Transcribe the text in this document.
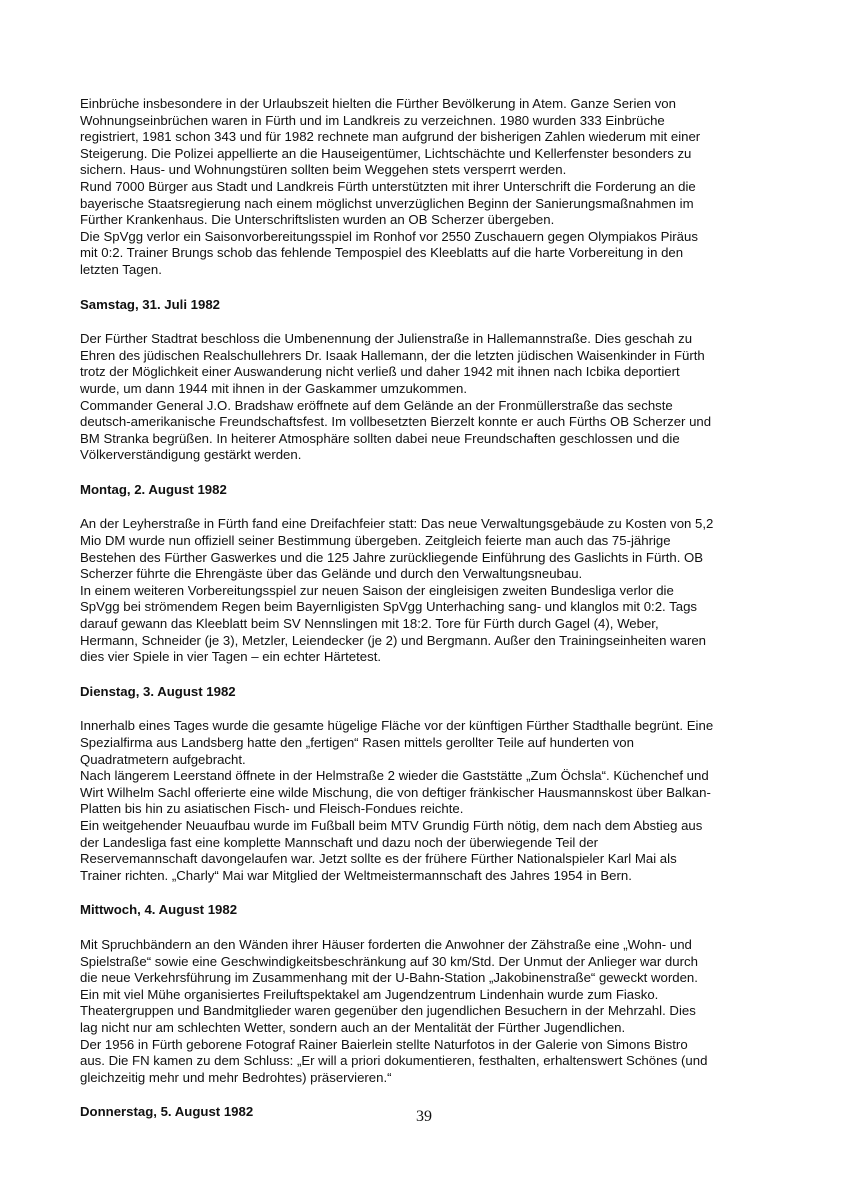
Einbrüche insbesondere in der Urlaubszeit hielten die Fürther Bevölkerung in Atem. Ganze Serien von
Wohnungseinbrüchen waren in Fürth und im Landkreis zu verzeichnen. 1980 wurden 333 Einbrüche
registriert, 1981 schon 343 und für 1982 rechnete man aufgrund der bisherigen Zahlen wiederum mit einer
Steigerung. Die Polizei appellierte an die Hauseigentümer, Lichtschächte und Kellerfenster besonders zu
sichern. Haus- und Wohnungstüren sollten beim Weggehen stets versperrt werden.
Rund 7000 Bürger aus Stadt und Landkreis Fürth unterstützten mit ihrer Unterschrift die Forderung an die
bayerische Staatsregierung nach einem möglichst unverzüglichen Beginn der Sanierungsmaßnahmen im
Fürther Krankenhaus. Die Unterschriftslisten wurden an OB Scherzer übergeben.
Die SpVgg verlor ein Saisonvorbereitungsspiel im Ronhof vor 2550 Zuschauern gegen Olympiakos Piräus
mit 0:2. Trainer Brungs schob das fehlende Tempospiel des Kleeblatts auf die harte Vorbereitung in den
letzten Tagen.
Samstag, 31. Juli 1982
Der Fürther Stadtrat beschloss die Umbenennung der Julienstraße in Hallemannstraße. Dies geschah zu
Ehren des jüdischen Realschullehrers Dr. Isaak Hallemann, der die letzten jüdischen Waisenkinder in Fürth
trotz der Möglichkeit einer Auswanderung nicht verließ und daher 1942 mit ihnen nach Icbika deportiert
wurde, um dann 1944 mit ihnen in der Gaskammer umzukommen.
Commander General J.O. Bradshaw eröffnete auf dem Gelände an der Fronmüllerstraße das sechste
deutsch-amerikanische Freundschaftsfest. Im vollbesetzten Bierzelt konnte er auch Fürths OB Scherzer und
BM Stranka begrüßen. In heiterer Atmosphäre sollten dabei neue Freundschaften geschlossen und die
Völkerverständigung gestärkt werden.
Montag, 2. August 1982
An der Leyherstraße in Fürth fand eine Dreifachfeier statt: Das neue Verwaltungsgebäude zu Kosten von 5,2
Mio DM wurde nun offiziell seiner Bestimmung übergeben. Zeitgleich feierte man auch das 75-jährige
Bestehen des Fürther Gaswerkes und die 125 Jahre zurückliegende Einführung des Gaslichts in Fürth. OB
Scherzer führte die Ehrengäste über das Gelände und durch den Verwaltungsneubau.
In einem weiteren Vorbereitungsspiel zur neuen Saison der eingleisigen zweiten Bundesliga verlor die
SpVgg bei strömendem Regen beim Bayernligisten SpVgg Unterhaching sang- und klanglos mit 0:2. Tags
darauf gewann das Kleeblatt beim SV Nennslingen mit 18:2. Tore für Fürth durch Gagel (4), Weber,
Hermann, Schneider (je 3), Metzler, Leiendecker (je 2) und Bergmann. Außer den Trainingseinheiten waren
dies vier Spiele in vier Tagen – ein echter Härtetest.
Dienstag, 3. August 1982
Innerhalb eines Tages wurde die gesamte hügelige Fläche vor der künftigen Fürther Stadthalle begrünt. Eine
Spezialfirma aus Landsberg hatte den „fertigen“ Rasen mittels gerollter Teile auf hunderten von
Quadratmetern aufgebracht.
Nach längerem Leerstand öffnete in der Helmstraße 2 wieder die Gaststätte „Zum Öchsla“. Küchenchef und
Wirt Wilhelm Sachl offerierte eine wilde Mischung, die von deftiger fränkischer Hausmannskost über Balkan-
Platten bis hin zu asiatischen Fisch- und Fleisch-Fondues reichte.
Ein weitgehender Neuaufbau wurde im Fußball beim MTV Grundig Fürth nötig, dem nach dem Abstieg aus
der Landesliga fast eine komplette Mannschaft und dazu noch der überwiegende Teil der
Reservemannschaft davongelaufen war. Jetzt sollte es der frühere Fürther Nationalspieler Karl Mai als
Trainer richten. „Charly“ Mai war Mitglied der Weltmeistermannschaft des Jahres 1954 in Bern.
Mittwoch, 4. August 1982
Mit Spruchbändern an den Wänden ihrer Häuser forderten die Anwohner der Zähstraße eine „Wohn- und
Spielstraße“ sowie eine Geschwindigkeitsbeschränkung auf 30 km/Std. Der Unmut der Anlieger war durch
die neue Verkehrsführung im Zusammenhang mit der U-Bahn-Station „Jakobinenstraße“ geweckt worden.
Ein mit viel Mühe organisiertes Freiluftspektakel am Jugendzentrum Lindenhain wurde zum Fiasko.
Theatergruppen und Bandmitglieder waren gegenüber den jugendlichen Besuchern in der Mehrzahl. Dies
lag nicht nur am schlechten Wetter, sondern auch an der Mentalität der Fürther Jugendlichen.
Der 1956 in Fürth geborene Fotograf Rainer Baierlein stellte Naturfotos in der Galerie von Simons Bistro
aus. Die FN kamen zu dem Schluss: „Er will a priori dokumentieren, festhalten, erhaltenswert Schönes (und
gleichzeitig mehr und mehr Bedrohtes) präservieren.“
Donnerstag, 5. August 1982	39
